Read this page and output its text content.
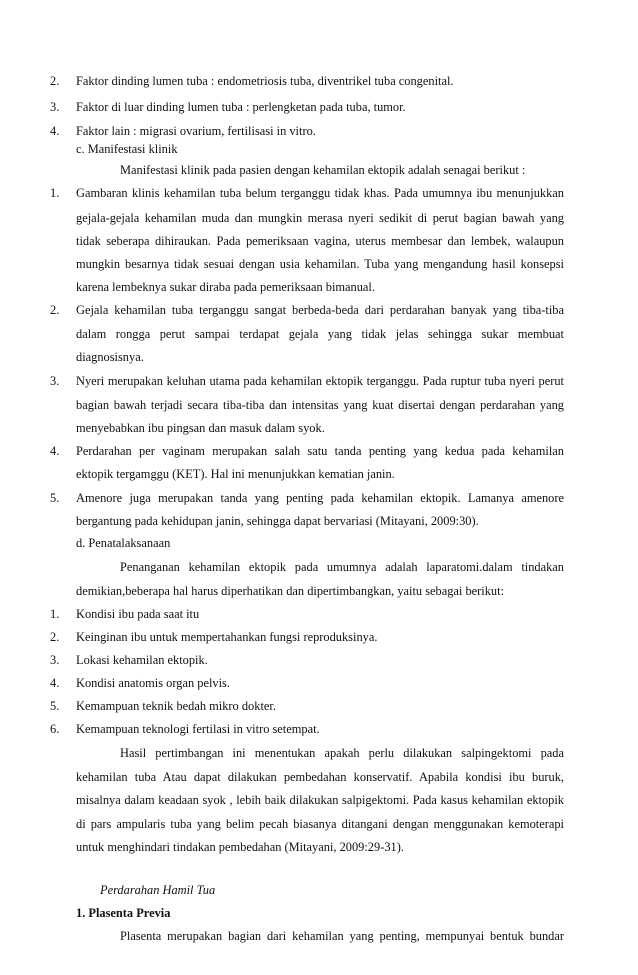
2. Faktor dinding lumen tuba : endometriosis tuba, diventrikel tuba congenital.
3. Faktor di luar dinding lumen tuba : perlengketan pada tuba, tumor.
4. Faktor lain : migrasi ovarium, fertilisasi in vitro.
c. Manifestasi klinik
Manifestasi klinik pada pasien dengan kehamilan ektopik adalah senagai berikut :
1. Gambaran klinis kehamilan tuba belum terganggu tidak khas. Pada umumnya ibu menunjukkan
gejala-gejala kehamilan muda dan mungkin merasa nyeri sedikit di perut bagian bawah yang
tidak seberapa dihiraukan. Pada pemeriksaan vagina, uterus membesar dan lembek, walaupun
mungkin besarnya tidak sesuai dengan usia kehamilan. Tuba yang mengandung hasil konsepsi
karena lembeknya sukar diraba pada pemeriksaan bimanual.
2. Gejala kehamilan tuba terganggu sangat berbeda-beda dari perdarahan banyak yang tiba-tiba
dalam rongga perut sampai terdapat gejala yang tidak jelas sehingga sukar membuat
diagnosisnya.
3. Nyeri merupakan keluhan utama pada kehamilan ektopik terganggu. Pada ruptur tuba nyeri perut
bagian bawah terjadi secara tiba-tiba dan intensitas yang kuat disertai dengan perdarahan yang
menyebabkan ibu pingsan dan masuk dalam syok.
4. Perdarahan per vaginam merupakan salah satu tanda penting yang kedua pada kehamilan
ektopik tergamggu (KET). Hal ini menunjukkan kematian janin.
5. Amenore juga merupakan tanda yang penting pada kehamilan ektopik. Lamanya amenore
bergantung pada kehidupan janin, sehingga dapat bervariasi (Mitayani, 2009:30).
d. Penatalaksanaan
Penanganan kehamilan ektopik pada umumnya adalah laparatomi.dalam tindakan
demikian,beberapa hal harus diperhatikan dan dipertimbangkan, yaitu sebagai berikut:
1. Kondisi ibu pada saat itu
2. Keinginan ibu untuk mempertahankan fungsi reproduksinya.
3. Lokasi kehamilan ektopik.
4. Kondisi anatomis organ pelvis.
5. Kemampuan teknik bedah mikro dokter.
6. Kemampuan teknologi fertilasi in vitro setempat.
Hasil pertimbangan ini menentukan apakah perlu dilakukan salpingektomi pada
kehamilan tuba Atau dapat dilakukan pembedahan konservatif. Apabila kondisi ibu buruk,
misalnya dalam keadaan syok , lebih baik dilakukan salpigektomi. Pada kasus kehamilan ektopik
di pars ampularis tuba yang belim pecah biasanya ditangani dengan menggunakan kemoterapi
untuk menghindari tindakan pembedahan (Mitayani, 2009:29-31).
Perdarahan Hamil Tua
1. Plasenta Previa
Plasenta merupakan bagian dari kehamilan yang penting, mempunyai bentuk bundar
